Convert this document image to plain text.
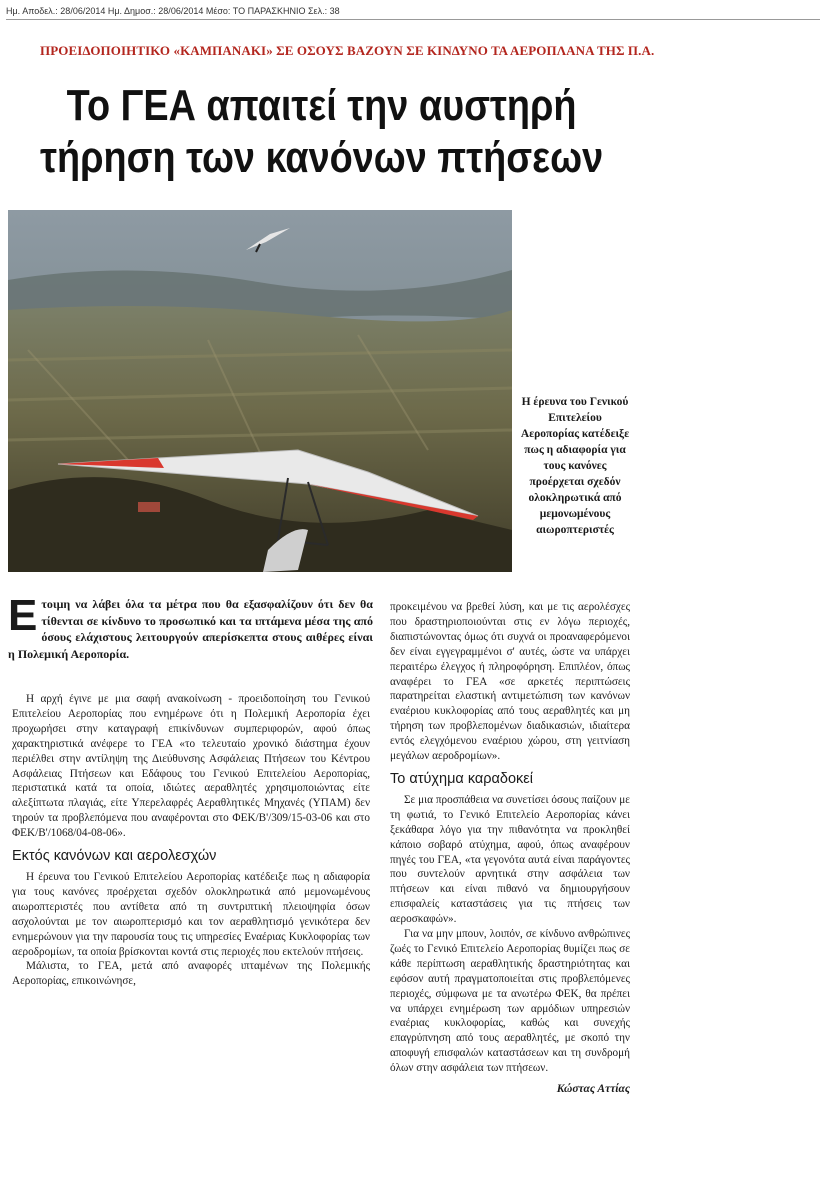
Ημ. Αποδελ.: 28/06/2014 Ημ. Δημοσ.: 28/06/2014 Μέσο: ΤΟ ΠΑΡΑΣΚΗΝΙΟ Σελ.: 38
ΠΡΟΕΙΔΟΠΟΙΗΤΙΚΟ «ΚΑΜΠΑΝΑΚΙ» ΣΕ ΟΣΟΥΣ ΒΑΖΟΥΝ ΣΕ ΚΙΝΔΥΝΟ ΤΑ ΑΕΡΟΠΛΑΝΑ ΤΗΣ Π.Α.
Το ΓΕΑ απαιτεί την αυστηρή
τήρηση των κανόνων πτήσεων
Η έρευνα του Γενικού Επιτελείου Αεροπορίας κατέδειξε πως η αδιαφορία για τους κανόνες προέρχεται σχεδόν ολοκληρωτικά από μεμονωμένους αιωροπτεριστές
Ε τοιμη να λάβει όλα τα μέτρα που θα εξασφαλίζουν ότι δεν θα τίθενται σε κίνδυνο το προσωπικό και τα ιπτάμενα μέσα της από όσους ελάχιστους λειτουργούν απερίσκεπτα στους αιθέρες είναι η Πολεμική Αεροπορία.

Η αρχή έγινε με μια σαφή ανακοίνωση - προειδοποίηση του Γενικού Επιτελείου Αεροπορίας που ενημέρωνε ότι η Πολεμική Αεροπορία έχει προχωρήσει στην καταγραφή επικίνδυνων συμπεριφορών, αφού όπως χαρακτηριστικά ανέφερε το ΓΕΑ «το τελευταίο χρονικό διάστημα έχουν περιέλθει στην αντίληψη της Διεύθυνσης Ασφάλειας Πτήσεων του Κέντρου Ασφάλειας Πτήσεων και Εδάφους του Γενικού Επιτελείου Αεροπορίας, περιστατικά κατά τα οποία, ιδιώτες αεραθλητές χρησιμοποιώντας είτε αλεξίπτωτα πλαγιάς, είτε Υπερελαφρές Αεραθλητικές Μηχανές (ΥΠΑΜ) δεν τηρούν τα προβλεπόμενα που αναφέρονται στο ΦΕΚ/Β'/309/15-03-06 και στο ΦΕΚ/Β'/1068/04-08-06».

Εκτός κανόνων και αερολεσχών

Η έρευνα του Γενικού Επιτελείου Αεροπορίας κατέδειξε πως η αδιαφορία για τους κανόνες προέρχεται σχεδόν ολοκληρωτικά από μεμονωμένους αιωροπτεριστές που αντίθετα από τη συντριπτική πλειοψηφία όσων ασχολούνται με τον αιωροπτερισμό και τον αεραθλητισμό γενικότερα δεν ενημερώνουν για την παρουσία τους τις υπηρεσίες Εναέριας Κυκλοφορίας των αεροδρομίων, τα οποία βρίσκονται κοντά στις περιοχές που εκτελούν πτήσεις.

Μάλιστα, το ΓΕΑ, μετά από αναφορές ιπταμένων της Πολεμικής Αεροπορίας, επικοινώνησε,

προκειμένου να βρεθεί λύση, και με τις αερολέσχες που δραστηριοποιούνται στις εν λόγω περιοχές, διαπιστώνοντας όμως ότι συχνά οι προαναφερόμενοι δεν είναι εγγεγραμμένοι σ' αυτές, ώστε να υπάρχει περαιτέρω έλεγχος ή πληροφόρηση. Επιπλέον, όπως αναφέρει το ΓΕΑ «σε αρκετές περιπτώσεις παρατηρείται ελαστική αντιμετώπιση των κανόνων εναέριου κυκλοφορίας από τους αεραθλητές και μη τήρηση των προβλεπομένων διαδικασιών, ιδιαίτερα εντός ελεγχόμενου εναέριου χώρου, στη γειτνίαση μεγάλων αεροδρομίων».

Το ατύχημα καραδοκεί

Σε μια προσπάθεια να συνετίσει όσους παίζουν με τη φωτιά, το Γενικό Επιτελείο Αεροπορίας κάνει ξεκάθαρα λόγο για την πιθανότητα να προκληθεί κάποιο σοβαρό ατύχημα, αφού, όπως αναφέρουν πηγές του ΓΕΑ, «τα γεγονότα αυτά είναι παράγοντες που συντελούν αρνητικά στην ασφάλεια των πτήσεων και είναι πιθανό να δημιουργήσουν επισφαλείς καταστάσεις για τις πτήσεις των αεροσκαφών».

Για να μην μπουν, λοιπόν, σε κίνδυνο ανθρώπινες ζωές το Γενικό Επιτελείο Αεροπορίας θυμίζει πως σε κάθε περίπτωση αεραθλητικής δραστηριότητας και εφόσον αυτή πραγματοποιείται στις προβλεπόμενες περιοχές, σύμφωνα με τα ανωτέρω ΦΕΚ, θα πρέπει να υπάρχει ενημέρωση των αρμόδιων υπηρεσιών εναέριας κυκλοφορίας, καθώς και συνεχής επαγρύπνηση από τους αεραθλητές, με σκοπό την αποφυγή επισφαλών καταστάσεων και τη συνδρομή όλων στην ασφάλεια των πτήσεων.

Κώστας Αττίας
